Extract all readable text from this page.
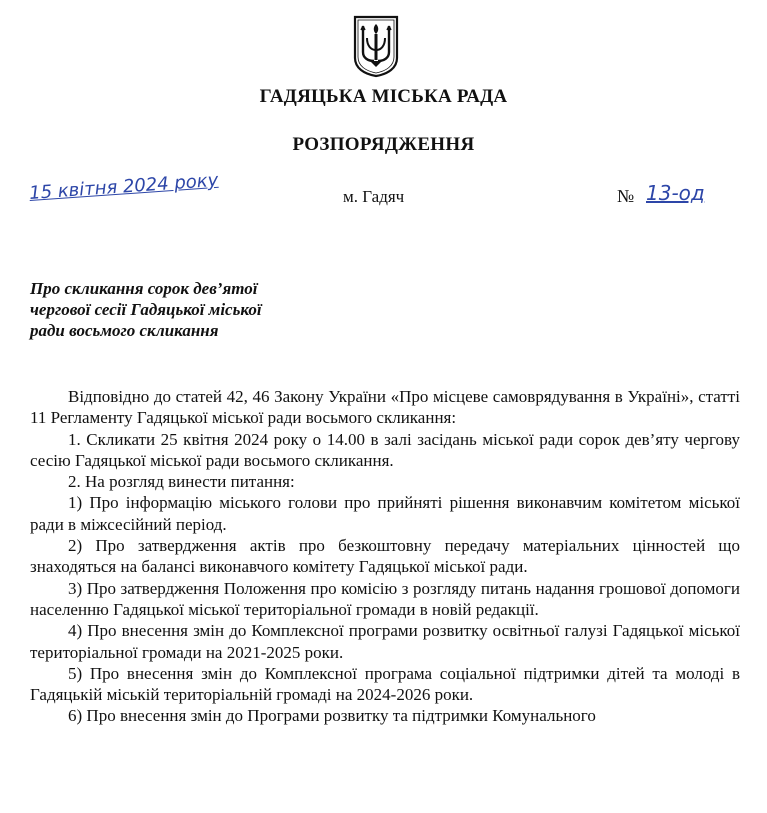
ГАДЯЦЬКА МІСЬКА РАДА
РОЗПОРЯДЖЕННЯ
15 квітня 2024 року	м. Гадяч	№ 13-од
Про скликання сорок дев’ятої
чергової сесії Гадяцької міської
ради восьмого скликання

Відповідно до статей 42, 46 Закону України «Про місцеве самоврядування в Україні», статті 11 Регламенту Гадяцької міської ради восьмого скликання:

1. Скликати 25 квітня 2024 року о 14.00 в залі засідань міської ради сорок дев’яту чергову сесію Гадяцької міської ради восьмого скликання.

2. На розгляд винести питання:

1) Про інформацію міського голови про прийняті рішення виконавчим комітетом міської ради в міжсесійний період.

2) Про затвердження актів про безкоштовну передачу матеріальних цінностей що знаходяться на балансі виконавчого комітету Гадяцької міської ради.

3) Про затвердження Положення про комісію з розгляду питань надання грошової допомоги населенню Гадяцької міської територіальної громади в новій редакції.

4) Про внесення змін до Комплексної програми розвитку освітньої галузі Гадяцької міської територіальної громади на 2021-2025 роки.

5) Про внесення змін до Комплексної програма соціальної підтримки дітей та молоді в Гадяцькій міській територіальній громаді на 2024-2026 роки.

6) Про внесення змін до Програми розвитку та підтримки Комунального
